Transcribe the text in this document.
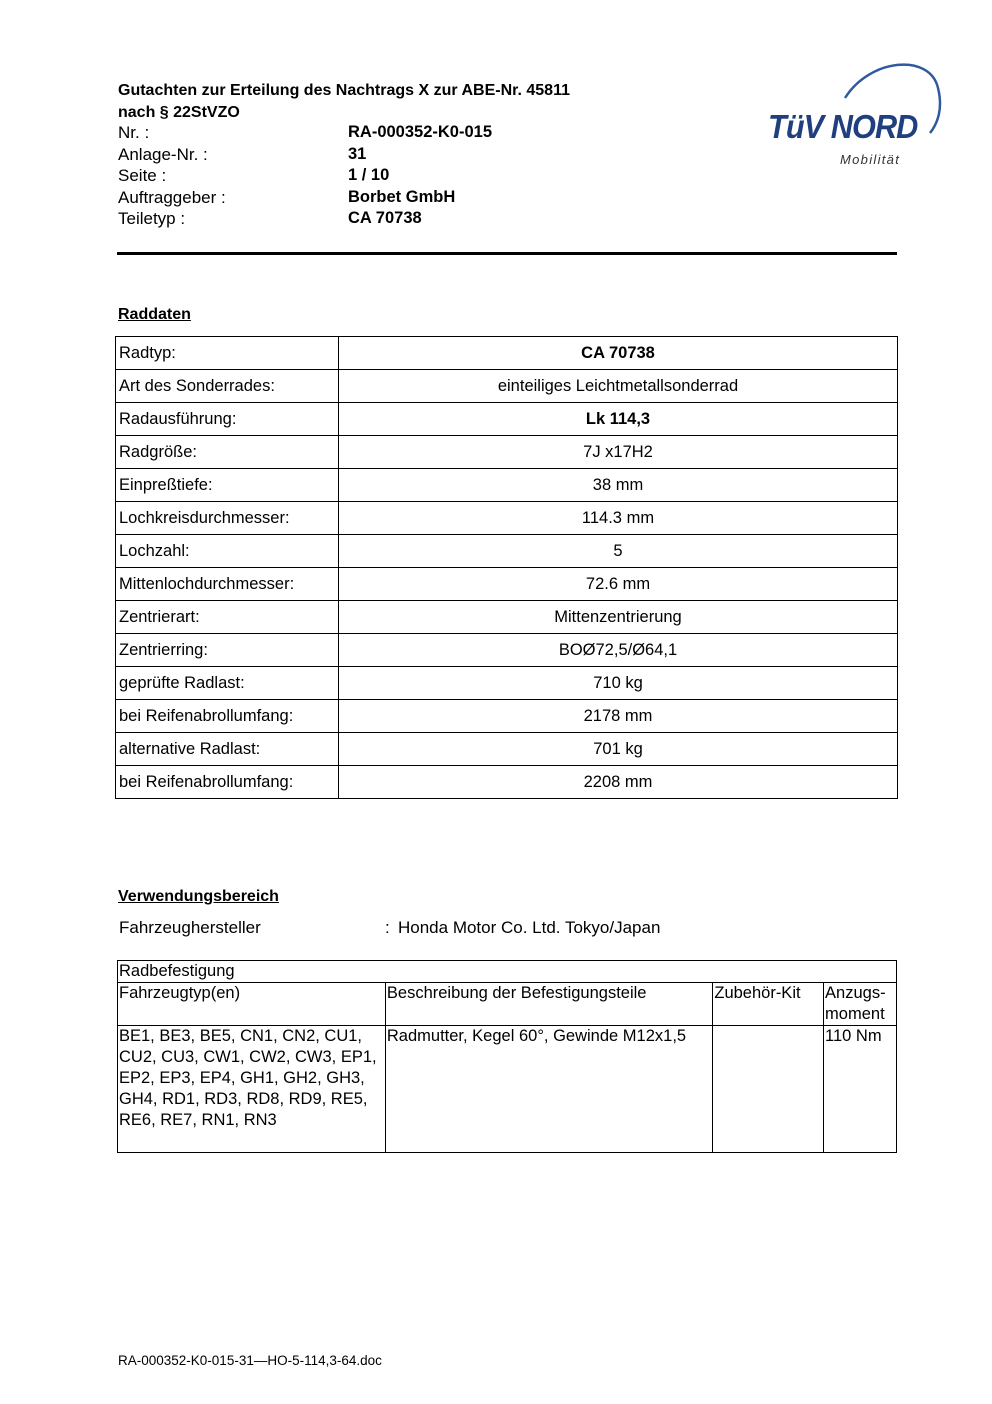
Gutachten zur Erteilung des Nachtrags X zur ABE-Nr. 45811 nach § 22StVZO
Nr. :	RA-000352-K0-015
Anlage-Nr. :	31
Seite :	1 / 10
Auftraggeber :	Borbet GmbH
Teiletyp :	CA 70738
TüV NORD
Mobilität
Raddaten
Radtyp:	CA 70738
Art des Sonderrades:	einteiliges Leichtmetallsonderrad
Radausführung:	Lk 114,3
Radgröße:	7J x17H2
Einpreßtiefe:	38 mm
Lochkreisdurchmesser:	114.3 mm
Lochzahl:	5
Mittenlochdurchmesser:	72.6 mm
Zentrierart:	Mittenzentrierung
Zentrierring:	BOØ72,5/Ø64,1
geprüfte Radlast:	710 kg
bei Reifenabrollumfang:	2178 mm
alternative Radlast:	701 kg
bei Reifenabrollumfang:	2208 mm
Verwendungsbereich
Fahrzeughersteller	: Honda Motor Co. Ltd. Tokyo/Japan
Radbefestigung			
Fahrzeugtyp(en)	Beschreibung der Befestigungsteile	Zubehör-Kit	Anzugs-moment
BE1, BE3, BE5, CN1, CN2, CU1, CU2, CU3, CW1, CW2, CW3, EP1, EP2, EP3, EP4, GH1, GH2, GH3, GH4, RD1, RD3, RD8, RD9, RE5, RE6, RE7, RN1, RN3	Radmutter, Kegel 60°, Gewinde M12x1,5		110 Nm
RA-000352-K0-015-31—HO-5-114,3-64.doc
